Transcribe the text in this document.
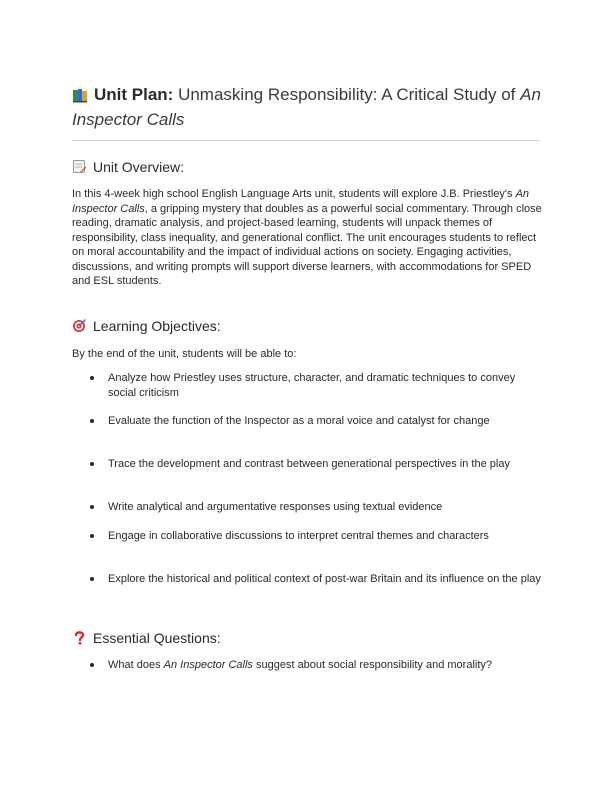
Unit Plan: Unmasking Responsibility: A Critical Study of An Inspector Calls
Unit Overview:

In this 4-week high school English Language Arts unit, students will explore J.B. Priestley's An Inspector Calls, a gripping mystery that doubles as a powerful social commentary. Through close reading, dramatic analysis, and project-based learning, students will unpack themes of responsibility, class inequality, and generational conflict. The unit encourages students to reflect on moral accountability and the impact of individual actions on society. Engaging activities, discussions, and writing prompts will support diverse learners, with accommodations for SPED and ESL students.

Learning Objectives:

By the end of the unit, students will be able to:

Analyze how Priestley uses structure, character, and dramatic techniques to convey social criticism
Evaluate the function of the Inspector as a moral voice and catalyst for change
Trace the development and contrast between generational perspectives in the play
Write analytical and argumentative responses using textual evidence
Engage in collaborative discussions to interpret central themes and characters
Explore the historical and political context of post-war Britain and its influence on the play
Essential Questions:
What does An Inspector Calls suggest about social responsibility and morality?
